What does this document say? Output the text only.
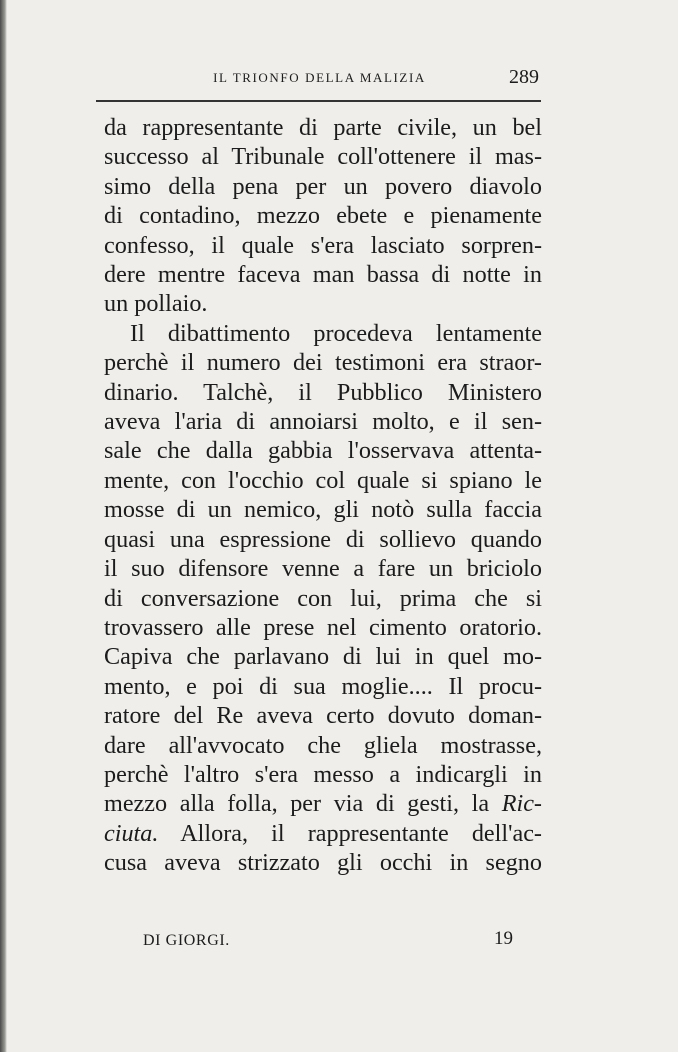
IL TRIONFO DELLA MALIZIA	289
da rappresentante di parte civile, un bel
successo al Tribunale coll'ottenere il mas-
simo della pena per un povero diavolo
di contadino, mezzo ebete e pienamente
confesso, il quale s'era lasciato sorpren-
dere mentre faceva man bassa di notte in
un pollaio.
Il dibattimento procedeva lentamente
perchè il numero dei testimoni era straor-
dinario. Talchè, il Pubblico Ministero
aveva l'aria di annoiarsi molto, e il sen-
sale che dalla gabbia l'osservava attenta-
mente, con l'occhio col quale si spiano le
mosse di un nemico, gli notò sulla faccia
quasi una espressione di sollievo quando
il suo difensore venne a fare un briciolo
di conversazione con lui, prima che si
trovassero alle prese nel cimento oratorio.
Capiva che parlavano di lui in quel mo-
mento, e poi di sua moglie.... Il procu-
ratore del Re aveva certo dovuto doman-
dare all'avvocato che gliela mostrasse,
perchè l'altro s'era messo a indicargli in
mezzo alla folla, per via di gesti, la Ric-
ciuta. Allora, il rappresentante dell'ac-
cusa aveva strizzato gli occhi in segno
DI GIORGI.	19
